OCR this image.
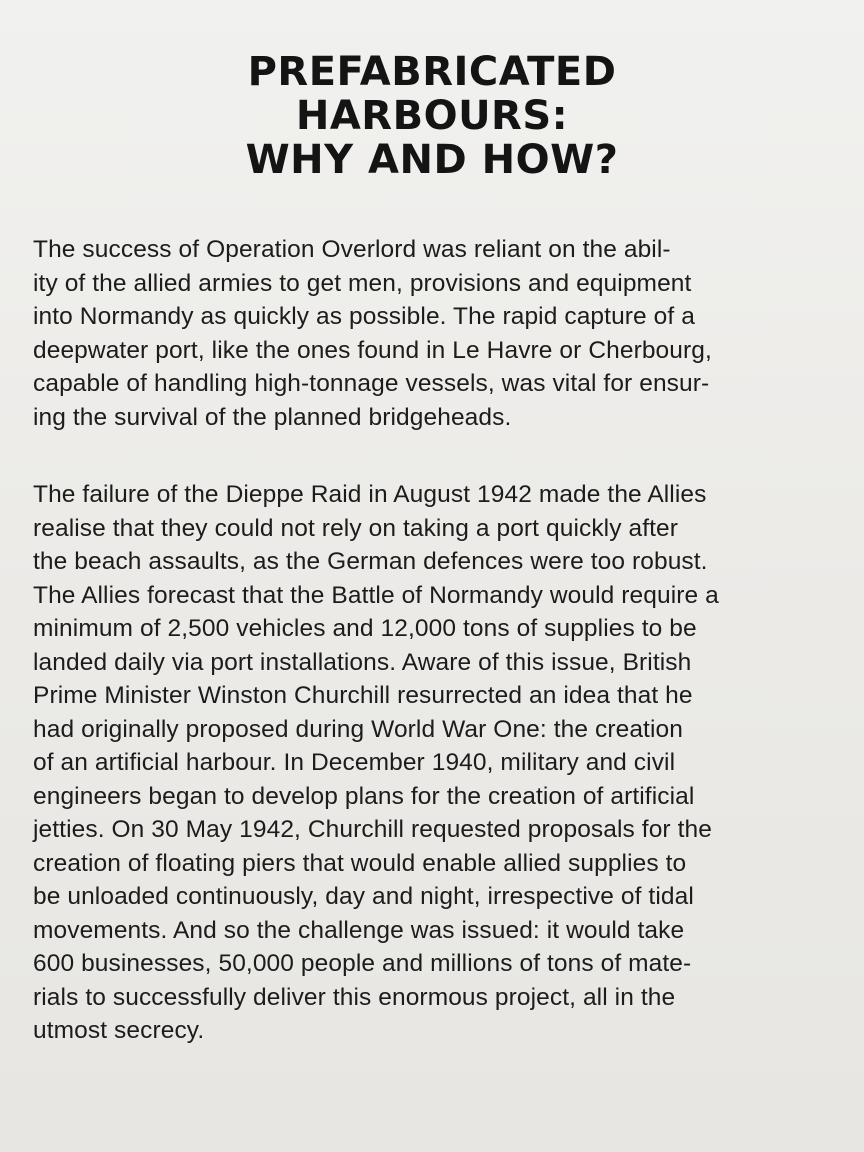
PREFABRICATED
HARBOURS:
WHY AND HOW?

The success of Operation Overlord was reliant on the abil-
ity of the allied armies to get men, provisions and equipment
into Normandy as quickly as possible. The rapid capture of a
deepwater port, like the ones found in Le Havre or Cherbourg,
capable of handling high-tonnage vessels, was vital for ensur-
ing the survival of the planned bridgeheads.

The failure of the Dieppe Raid in August 1942 made the Allies
realise that they could not rely on taking a port quickly after
the beach assaults, as the German defences were too robust.
The Allies forecast that the Battle of Normandy would require a
minimum of 2,500 vehicles and 12,000 tons of supplies to be
landed daily via port installations. Aware of this issue, British
Prime Minister Winston Churchill resurrected an idea that he
had originally proposed during World War One: the creation
of an artificial harbour. In December 1940, military and civil
engineers began to develop plans for the creation of artificial
jetties. On 30 May 1942, Churchill requested proposals for the
creation of floating piers that would enable allied supplies to
be unloaded continuously, day and night, irrespective of tidal
movements. And so the challenge was issued: it would take
600 businesses, 50,000 people and millions of tons of mate-
rials to successfully deliver this enormous project, all in the
utmost secrecy.
